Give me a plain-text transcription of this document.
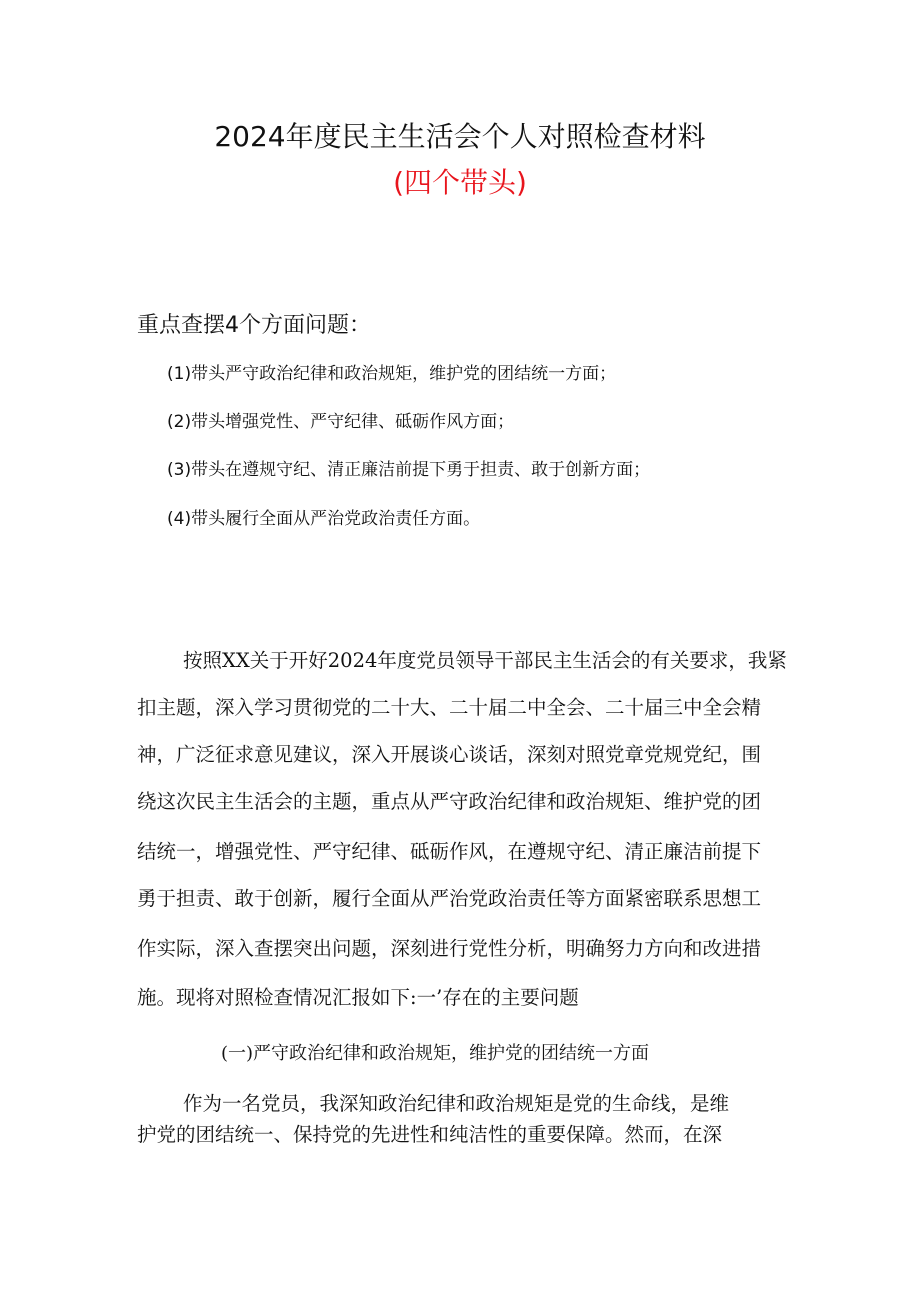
2024年度民主生活会个人对照检查材料
(四个带头)
重点查摆4个方面问题：
(1)带头严守政治纪律和政治规矩，维护党的团结统一方面；
(2)带头增强党性、严守纪律、砥砺作风方面；
(3)带头在遵规守纪、清正廉洁前提下勇于担责、敢于创新方面；
(4)带头履行全面从严治党政治责任方面。
按照XX关于开好2024年度党员领导干部民主生活会的有关要求，我紧
扣主题，深入学习贯彻党的二十大、二十届二中全会、二十届三中全会精
神，广泛征求意见建议，深入开展谈心谈话，深刻对照党章党规党纪，围
绕这次民主生活会的主题，重点从严守政治纪律和政治规矩、维护党的团
结统一，增强党性、严守纪律、砥砺作风，在遵规守纪、清正廉洁前提下
勇于担责、敢于创新，履行全面从严治党政治责任等方面紧密联系思想工
作实际，深入查摆突出问题，深刻进行党性分析，明确努力方向和改进措
施。现将对照检查情况汇报如下:一’存在的主要问题
(一)严守政治纪律和政治规矩，维护党的团结统一方面
作为一名党员，我深知政治纪律和政治规矩是党的生命线，是维
护党的团结统一、保持党的先进性和纯洁性的重要保障。然而，在深
